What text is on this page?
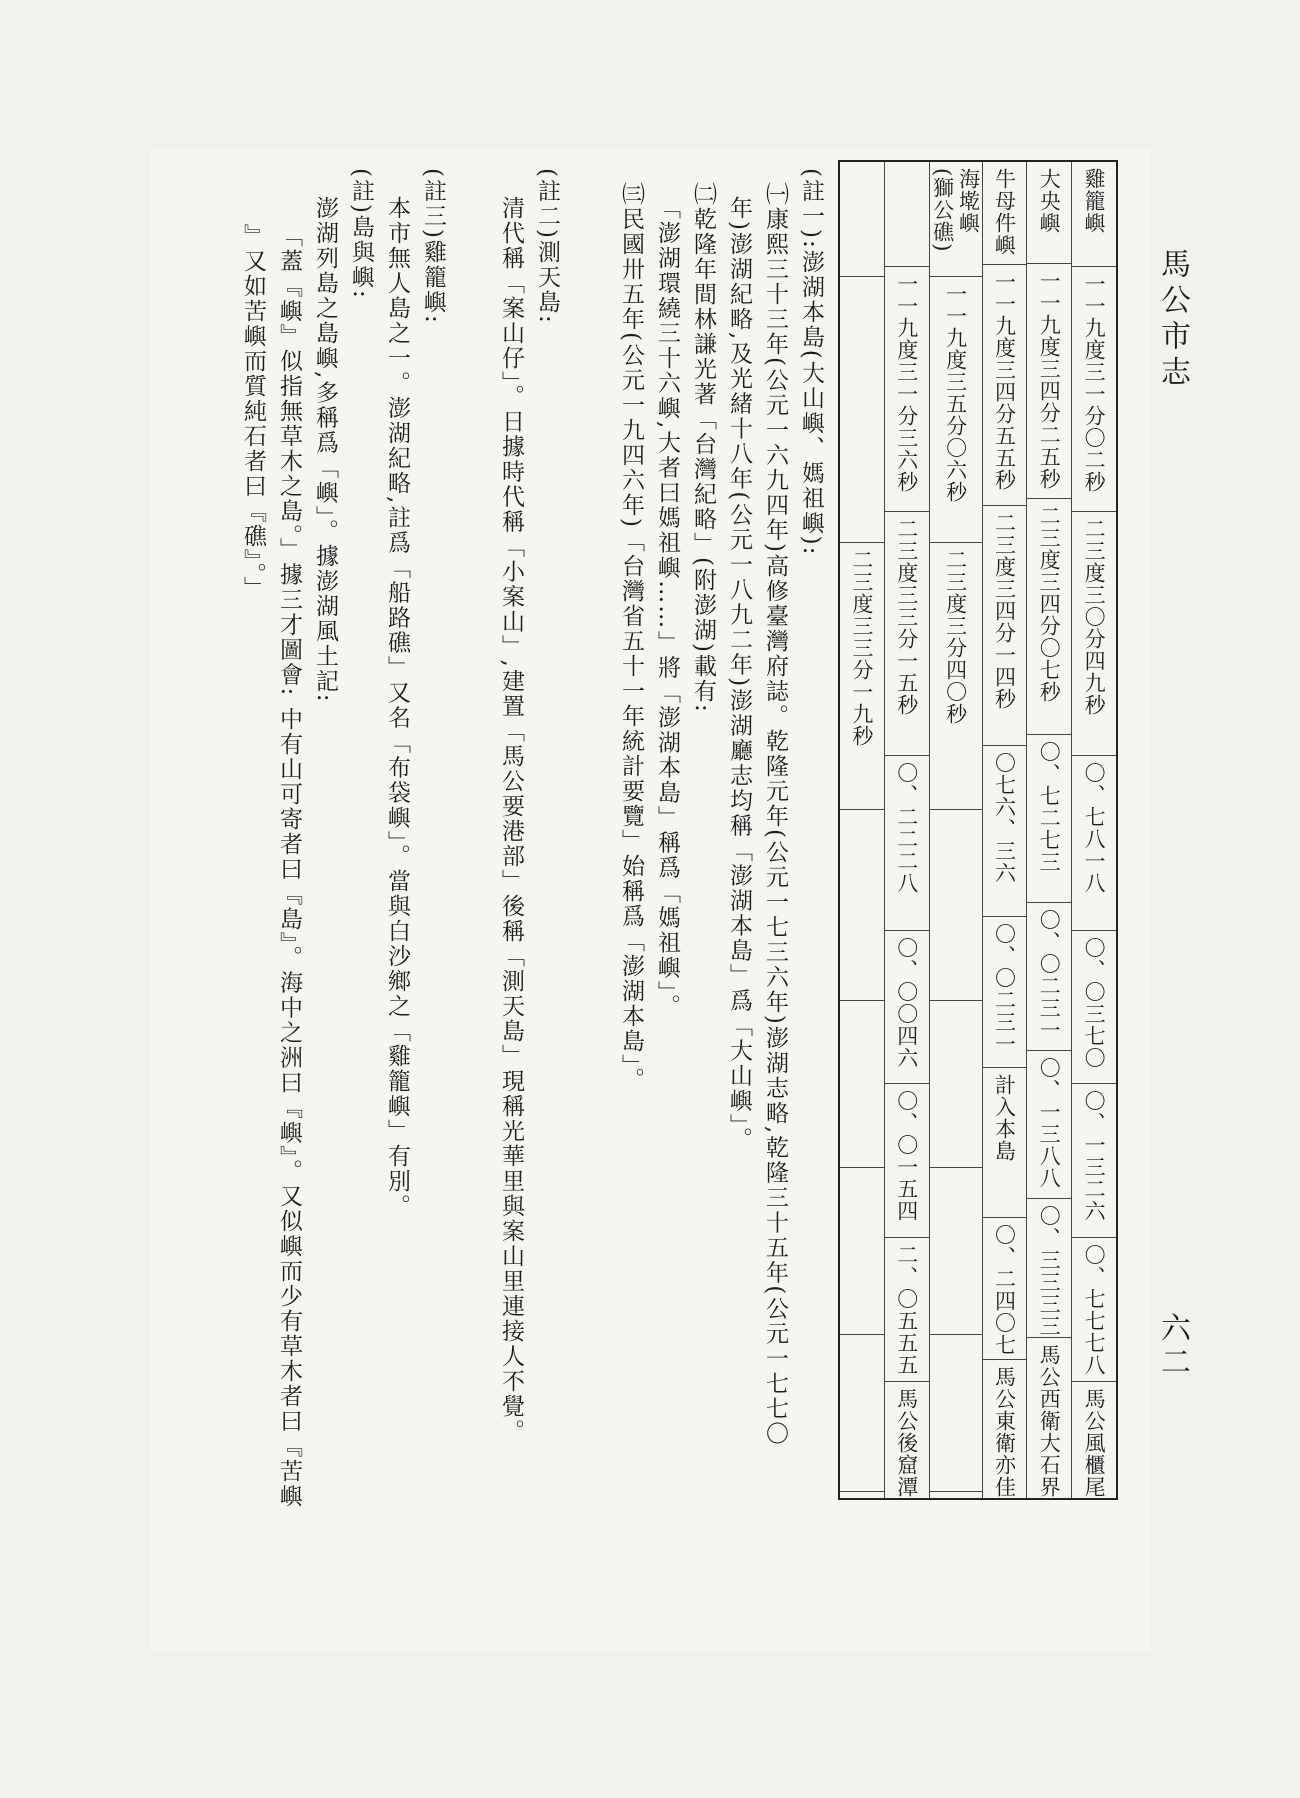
馬公市志
六二
雞籠嶼
一一九度三一分〇二秒
二三度三〇分四九秒
〇、七八一八
〇、〇三七〇
〇、一三二六
〇、七七七八
馬公風櫃尾
大央嶼
一一九度三四分二五秒
二三度三四分〇七秒
〇、七二七三
〇、〇二三一
〇、一三八八
〇、三三三三
馬公西衛大石界
牛母件嶼
一一九度三四分五五秒
二三度三四分一四秒
〇七六、三六
〇、〇二三一
計入本島
〇、二四〇七
馬公東衛亦佳
海墘嶼
(獅公礁)
一一九度三五分〇六秒
二三度三分四〇秒
一一九度三一分三六秒
二三度三三分一五秒
〇、二二二八
〇、〇〇四六
〇、〇一五四
二、〇五五五
馬公後窟潭
二三度三三分一九秒
(註一):澎湖本島(大山嶼、媽祖嶼):
㈠康熙三十三年(公元一六九四年)高修臺灣府誌。乾隆元年(公元一七三六年)澎湖志略,乾隆三十五年(公元一七七〇
年)澎湖紀略,及光緒十八年(公元一八九二年)澎湖廳志均稱「澎湖本島」爲「大山嶼」。
㈡乾隆年間林謙光著「台灣紀略」(附澎湖)載有:
「澎湖環繞三十六嶼,大者曰媽祖嶼……」將「澎湖本島」稱爲「媽祖嶼」。
㈢民國卅五年(公元一九四六年)「台灣省五十一年統計要覽」始稱爲「澎湖本島」。
(註二)測天島:
清代稱「案山仔」。日據時代稱「小案山」,建置「馬公要港部」後稱「測天島」現稱光華里與案山里連接人不覺。
(註三)雞籠嶼:
本市無人島之一。澎湖紀略,註爲「船路礁」又名「布袋嶼」。當與白沙鄉之「雞籠嶼」有別。
(註)島與嶼:
澎湖列島之島嶼,多稱爲「嶼」。據澎湖風土記:
「蓋『嶼』似指無草木之島。」據三才圖會: 中有山可寄者曰『島』。海中之洲曰『嶼』。又似嶼而少有草木者曰『苦嶼
』又如苦嶼而質純石者曰『礁』。」
